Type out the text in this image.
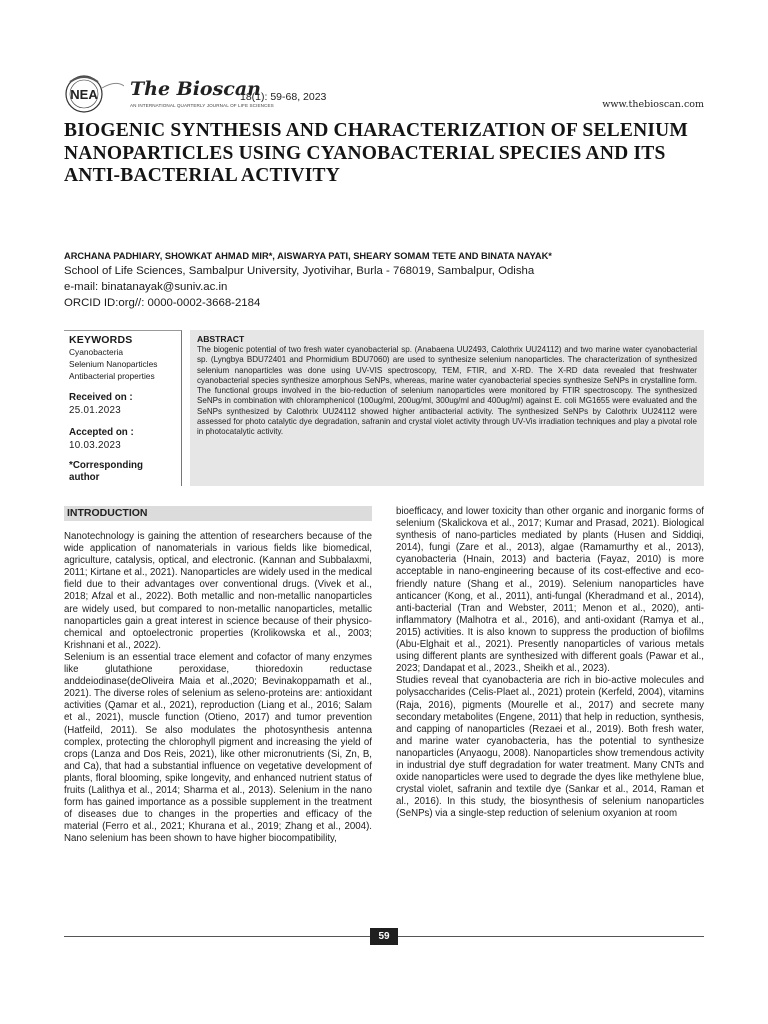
NEA The Bioscan
18(1): 59-68, 2023
AN INTERNATIONAL QUARTERLY JOURNAL OF LIFE SCIENCES	www.thebioscan.com
BIOGENIC SYNTHESIS AND CHARACTERIZATION OF SELENIUM NANOPARTICLES USING CYANOBACTERIAL SPECIES AND ITS ANTI-BACTERIAL ACTIVITY
ARCHANA PADHIARY, SHOWKAT AHMAD MIR*, AISWARYA PATI, SHEARY SOMAM TETE AND BINATA NAYAK*
School of Life Sciences, Sambalpur University, Jyotivihar, Burla - 768019, Sambalpur, Odisha
e-mail: binatanayak@suniv.ac.in
ORCID ID:org//: 0000-0002-3668-2184
KEYWORDS
Cyanobacteria
Selenium Nanoparticles
Antibacterial properties
Received on :
25.01.2023
Accepted on :
10.03.2023
*Corresponding author
ABSTRACT

The biogenic potential of two fresh water cyanobacterial sp. (Anabaena UU2493, Calothrix UU24112) and two marine water cyanobacterial sp. (Lyngbya BDU72401 and Phormidium BDU7060) are used to synthesize selenium nanoparticles. The characterization of synthesized selenium nanoparticles was done using UV-VIS spectroscopy, TEM, FTIR, and X-RD. The X-RD data revealed that freshwater cyanobacterial species synthesize amorphous SeNPs, whereas, marine water cyanobacterial species synthesize SeNPs in crystalline form. The functional groups involved in the bio-reduction of selenium nanoparticles were monitored by FTIR spectroscopy. The synthesized SeNPs in combination with chloramphenicol (100ug/ml, 200ug/ml, 300ug/ml and 400ug/ml) against E. coli MG1655 were evaluated and the SeNPs synthesized by Calothrix UU24112 showed higher antibacterial activity. The synthesized SeNPs by Calothrix UU24112 were assessed for photo catalytic dye degradation, safranin and crystal violet activity through UV-Vis irradiation techniques and play a pivotal role in photocatalytic activity.

INTRODUCTION

Nanotechnology is gaining the attention of researchers because of the wide application of nanomaterials in various fields like biomedical, agriculture, catalysis, optical, and electronic. (Kannan and Subbalaxmi, 2011; Kirtane et al., 2021). Nanoparticles are widely used in the medical field due to their advantages over conventional drugs. (Vivek et al., 2018; Afzal et al., 2022). Both metallic and non-metallic nanoparticles are widely used, but compared to non-metallic nanoparticles, metallic nanoparticles gain a great interest in science because of their physico-chemical and optoelectronic properties (Krolikowska et al., 2003; Krishnani et al., 2022).

Selenium is an essential trace element and cofactor of many enzymes like glutathione peroxidase, thioredoxin reductase anddeiodinase(deOliveira Maia et al.,2020; Bevinakoppamath et al., 2021). The diverse roles of selenium as seleno-proteins are: antioxidant activities (Qamar et al., 2021), reproduction (Liang et al., 2016; Salam et al., 2021), muscle function (Otieno, 2017) and tumor prevention (Hatfeild, 2011). Se also modulates the photosynthesis antenna complex, protecting the chlorophyll pigment and increasing the yield of crops (Lanza and Dos Reis, 2021), like other micronutrients (Si, Zn, B, and Ca), that had a substantial influence on vegetative development of plants, floral blooming, spike longevity, and enhanced nutrient status of fruits (Lalithya et al., 2014; Sharma et al., 2013). Selenium in the nano form has gained importance as a possible supplement in the treatment of diseases due to changes in the properties and efficacy of the material (Ferro et al., 2021; Khurana et al., 2019; Zhang et al., 2004). Nano selenium has been shown to have higher biocompatibility,

bioefficacy, and lower toxicity than other organic and inorganic forms of selenium (Skalickova et al., 2017; Kumar and Prasad, 2021). Biological synthesis of nano-particles mediated by plants (Husen and Siddiqi, 2014), fungi (Zare et al., 2013), algae (Ramamurthy et al., 2013), cyanobacteria (Hnain, 2013) and bacteria (Fayaz, 2010) is more acceptable in nano-engineering because of its cost-effective and eco-friendly nature (Shang et al., 2019). Selenium nanoparticles have anticancer (Kong, et al., 2011), anti-fungal (Kheradmand et al., 2014), anti-bacterial (Tran and Webster, 2011; Menon et al., 2020), anti-inflammatory (Malhotra et al., 2016), and anti-oxidant (Ramya et al., 2015) activities. It is also known to suppress the production of biofilms (Abu-Elghait et al., 2021). Presently nanoparticles of various metals using different plants are synthesized with different goals (Pawar et al., 2023; Dandapat et al., 2023., Sheikh et al., 2023).

Studies reveal that cyanobacteria are rich in bio-active molecules and polysaccharides (Celis-Plaet al., 2021) protein (Kerfeld, 2004), vitamins (Raja, 2016), pigments (Mourelle et al., 2017) and secrete many secondary metabolites (Engene, 2011) that help in reduction, synthesis, and capping of nanoparticles (Rezaei et al., 2019). Both fresh water, and marine water cyanobacteria, has the potential to synthesize nanoparticles (Anyaogu, 2008). Nanoparticles show tremendous activity in industrial dye stuff degradation for water treatment. Many CNTs and oxide nanoparticles were used to degrade the dyes like methylene blue, crystal violet, safranin and textile dye (Sankar et al., 2014, Raman et al., 2016). In this study, the biosynthesis of selenium nanoparticles (SeNPs) via a single-step reduction of selenium oxyanion at room

59
